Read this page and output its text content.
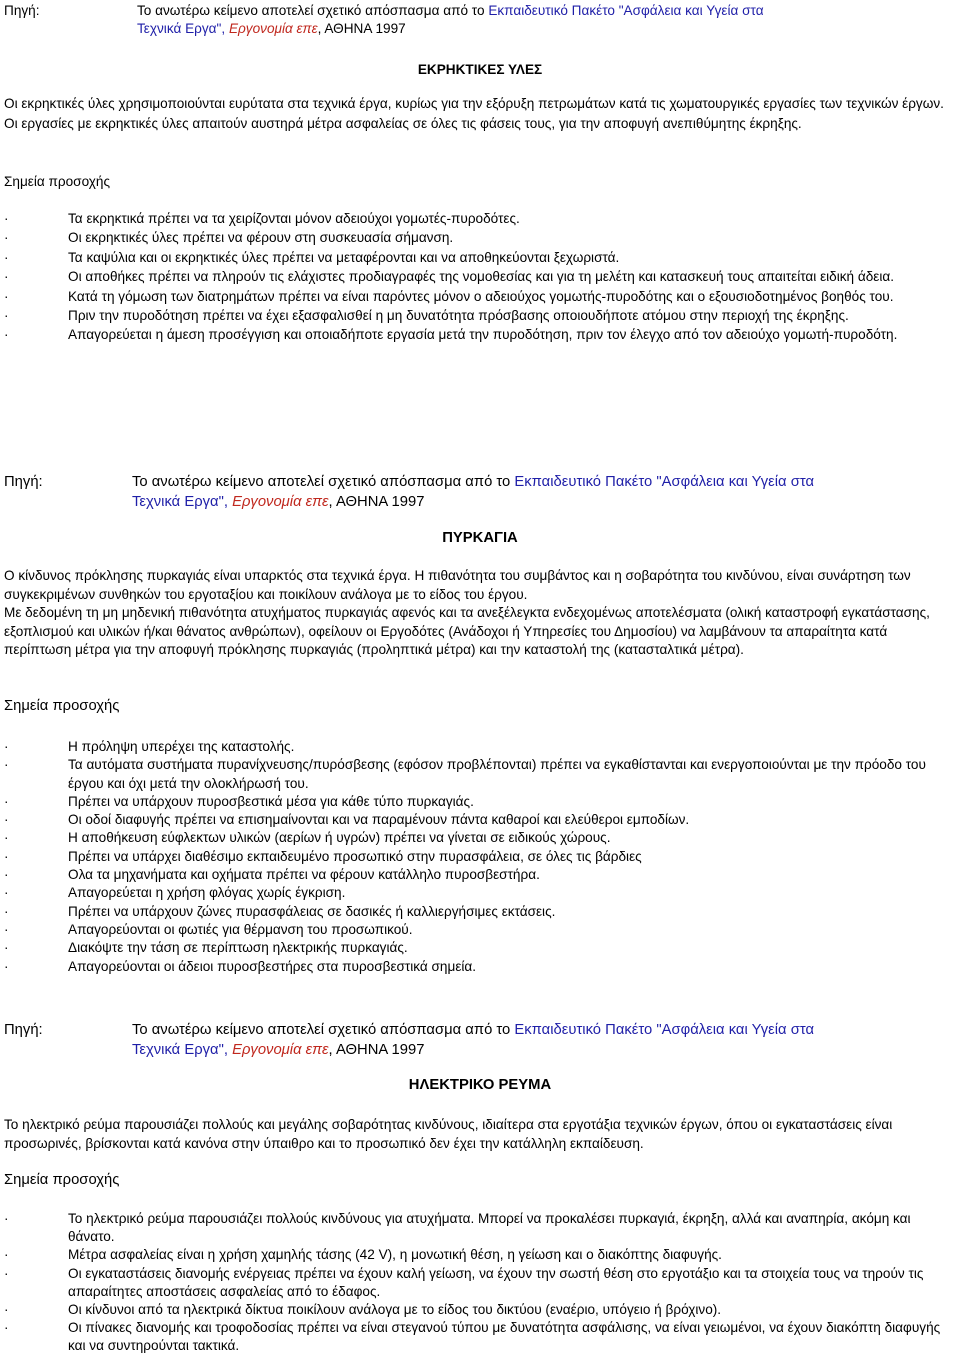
Πηγή:	Το ανωτέρω κείμενο αποτελεί σχετικό απόσπασμα από το Εκπαιδευτικό Πακέτο "Ασφάλεια και Υγεία στα
Τεχνικά Εργα", Εργονομία επε, ΑΘΗΝΑ 1997
ΕΚΡΗΚΤΙΚΕΣ ΥΛΕΣ
Οι εκρηκτικές ύλες χρησιμοποιούνται ευρύτατα στα τεχνικά έργα, κυρίως για την εξόρυξη πετρωμάτων κατά τις χωματουργικές εργασίες των τεχνικών έργων. Οι εργασίες με εκρηκτικές ύλες απαιτούν αυστηρά μέτρα ασφαλείας σε όλες τις φάσεις τους, για την αποφυγή ανεπιθύμητης έκρηξης.
Σημεία προσοχής
·	Τα εκρηκτικά πρέπει να τα χειρίζονται μόνον αδειούχοι γομωτές-πυροδότες.
·	Οι εκρηκτικές ύλες πρέπει να φέρουν στη συσκευασία σήμανση.
·	Τα καψύλια και οι εκρηκτικές ύλες πρέπει να μεταφέρονται και να αποθηκεύονται ξεχωριστά.
·	Οι αποθήκες πρέπει να πληρούν τις ελάχιστες προδιαγραφές της νομοθεσίας και για τη μελέτη και κατασκευή τους απαιτείται ειδική άδεια.
·	Κατά τη γόμωση των διατρημάτων πρέπει να είναι παρόντες μόνον ο αδειούχος γομωτής-πυροδότης και ο εξουσιοδοτημένος βοηθός του.
·	Πριν την πυροδότηση πρέπει να έχει εξασφαλισθεί η μη δυνατότητα πρόσβασης οποιουδήποτε ατόμου στην περιοχή της έκρηξης.
·	Απαγορεύεται η άμεση προσέγγιση και οποιαδήποτε εργασία μετά την πυροδότηση, πριν τον έλεγχο από τον αδειούχο γομωτή-πυροδότη.
Πηγή:	Το ανωτέρω κείμενο αποτελεί σχετικό απόσπασμα από το Εκπαιδευτικό Πακέτο "Ασφάλεια και Υγεία στα
Τεχνικά Εργα", Εργονομία επε, ΑΘΗΝΑ 1997
ΠΥΡΚΑΓΙΑ
Ο κίνδυνος πρόκλησης πυρκαγιάς είναι υπαρκτός στα τεχνικά έργα. Η πιθανότητα του συμβάντος και η σοβαρότητα του κινδύνου, είναι συνάρτηση των συγκεκριμένων συνθηκών του εργοταξίου και ποικίλουν ανάλογα με το είδος του έργου.
Με δεδομένη τη μη μηδενική πιθανότητα ατυχήματος πυρκαγιάς αφενός και τα ανεξέλεγκτα ενδεχομένως αποτελέσματα (ολική καταστροφή εγκατάστασης, εξοπλισμού και υλικών ή/και θάνατος ανθρώπων), οφείλουν οι Εργοδότες (Ανάδοχοι ή Υπηρεσίες του Δημοσίου) να λαμβάνουν τα απαραίτητα κατά περίπτωση μέτρα για την αποφυγή πρόκλησης πυρκαγιάς (προληπτικά μέτρα) και την καταστολή της (κατασταλτικά μέτρα).
Σημεία προσοχής
·	Η πρόληψη υπερέχει της καταστολής.
·	Τα αυτόματα συστήματα πυρανίχνευσης/πυρόσβεσης (εφόσον προβλέπονται) πρέπει να εγκαθίστανται και ενεργοποιούνται με την πρόοδο του έργου και όχι μετά την ολοκλήρωσή του.
·	Πρέπει να υπάρχουν πυροσβεστικά μέσα για κάθε τύπο πυρκαγιάς.
·	Οι οδοί διαφυγής πρέπει να επισημαίνονται και να παραμένουν πάντα καθαροί και ελεύθεροι εμποδίων.
·	Η αποθήκευση εύφλεκτων υλικών (αερίων ή υγρών) πρέπει να γίνεται σε ειδικούς χώρους.
·	Πρέπει να υπάρχει διαθέσιμο εκπαιδευμένο προσωπικό στην πυρασφάλεια, σε όλες τις βάρδιες
·	Ολα τα μηχανήματα και οχήματα πρέπει να φέρουν κατάλληλο πυροσβεστήρα.
·	Απαγορεύεται η χρήση φλόγας χωρίς έγκριση.
·	Πρέπει να υπάρχουν ζώνες πυρασφάλειας σε δασικές ή καλλιεργήσιμες εκτάσεις.
·	Απαγορεύονται οι φωτιές για θέρμανση του προσωπικού.
·	Διακόψτε την τάση σε περίπτωση ηλεκτρικής πυρκαγιάς.
·	Απαγορεύονται οι άδειοι πυροσβεστήρες στα πυροσβεστικά σημεία.
Πηγή:	Το ανωτέρω κείμενο αποτελεί σχετικό απόσπασμα από το Εκπαιδευτικό Πακέτο "Ασφάλεια και Υγεία στα
Τεχνικά Εργα", Εργονομία επε, ΑΘΗΝΑ 1997
ΗΛΕΚΤΡΙΚΟ ΡΕΥΜΑ
Το ηλεκτρικό ρεύμα παρουσιάζει πολλούς και μεγάλης σοβαρότητας κινδύνους, ιδιαίτερα στα εργοτάξια τεχνικών έργων, όπου οι εγκαταστάσεις είναι προσωρινές, βρίσκονται κατά κανόνα στην ύπαιθρο και το προσωπικό δεν έχει την κατάλληλη εκπαίδευση.
Σημεία προσοχής
·	Το ηλεκτρικό ρεύμα παρουσιάζει πολλούς κινδύνους για ατυχήματα. Μπορεί να προκαλέσει πυρκαγιά, έκρηξη, αλλά και αναπηρία, ακόμη και θάνατο.
·	Μέτρα ασφαλείας είναι η χρήση χαμηλής τάσης (42 V), η μονωτική θέση, η γείωση και ο διακόπτης διαφυγής.
·	Οι εγκαταστάσεις διανομής ενέργειας πρέπει να έχουν καλή γείωση, να έχουν την σωστή θέση στο εργοτάξιο και τα στοιχεία τους να τηρούν τις απαραίτητες αποστάσεις ασφαλείας από το έδαφος.
·	Οι κίνδυνοι από τα ηλεκτρικά δίκτυα ποικίλουν ανάλογα με το είδος του δικτύου (εναέριο, υπόγειο ή βρόχινο).
·	Οι πίνακες διανομής και τροφοδοσίας πρέπει να είναι στεγανού τύπου με δυνατότητα ασφάλισης, να είναι γειωμένοι, να έχουν διακόπτη διαφυγής και να συντηρούνται τακτικά.
